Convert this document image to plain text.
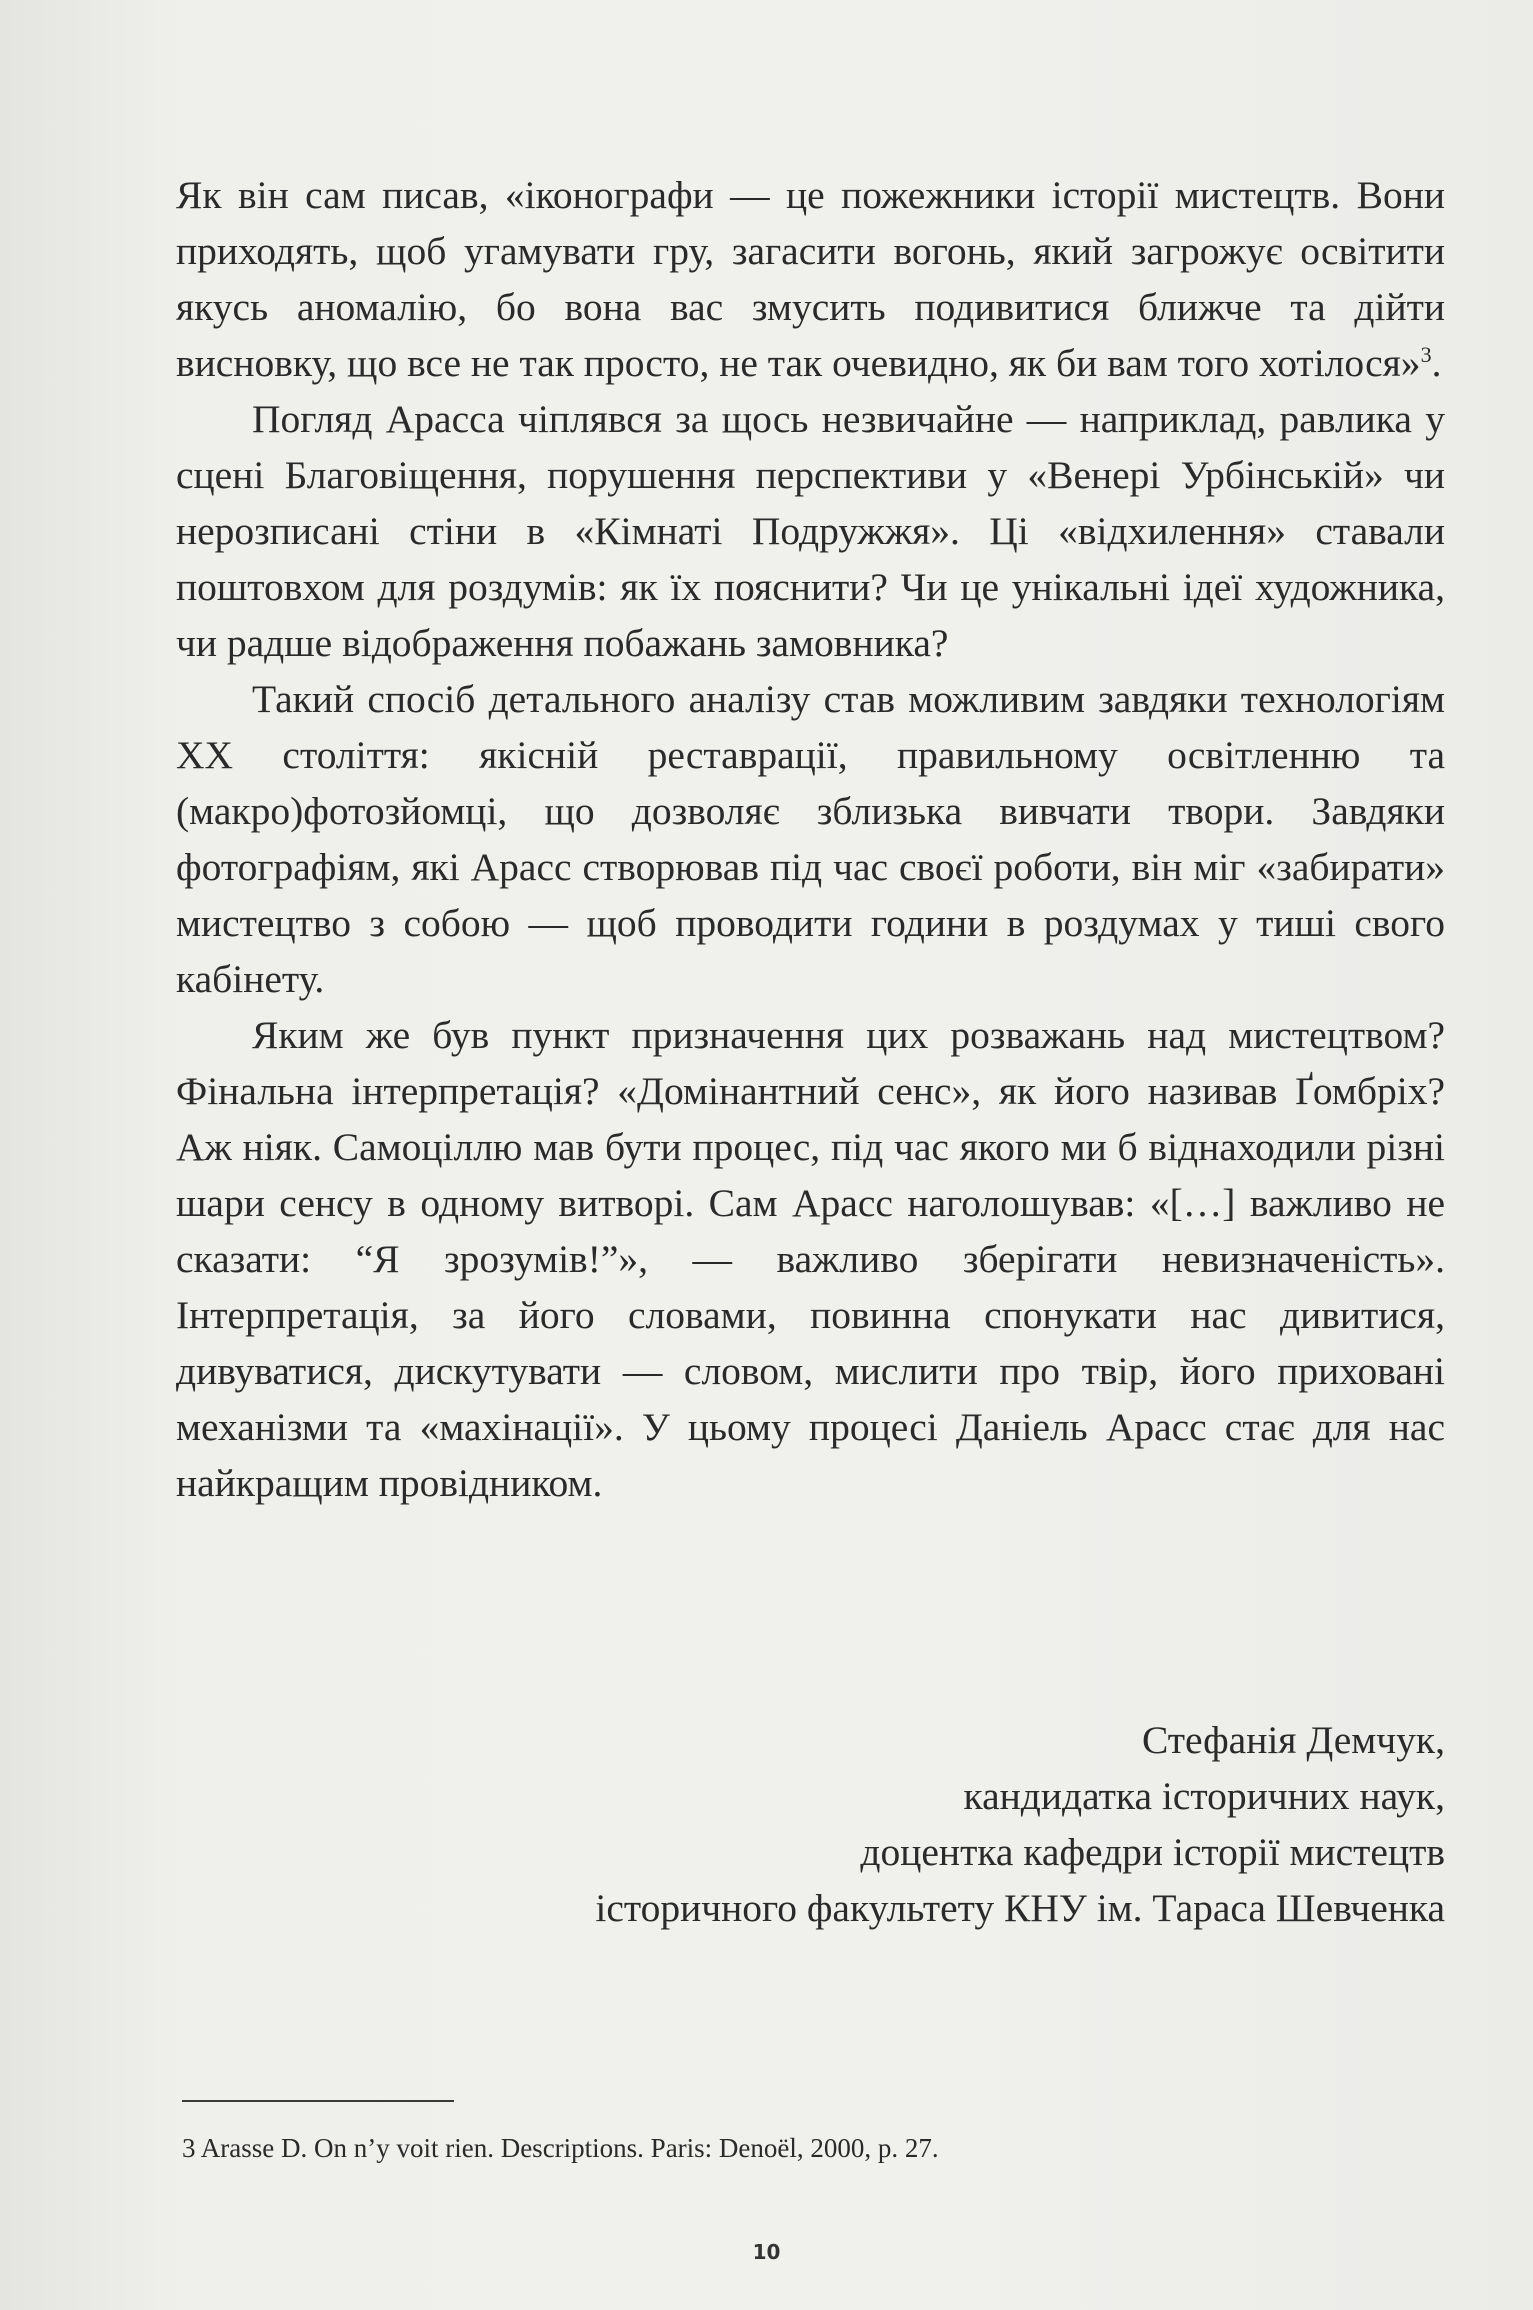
Як він сам писав, «іконографи — це пожежники історії мистецтв. Вони приходять, щоб угамувати гру, загасити вогонь, який загрожує освітити якусь аномалію, бо вона вас змусить подивитися ближче та дійти висновку, що все не так просто, не так очевидно, як би вам того хотілося»$^3$.

Погляд Арасса чіплявся за щось незвичайне — наприклад, равлика у сцені Благовіщення, порушення перспективи у «Венері Урбінській» чи нерозписані стіни в «Кімнаті Подружжя». Ці «відхилення» ставали поштовхом для роздумів: як їх пояснити? Чи це унікальні ідеї художника, чи радше відображення побажань замовника?

Такий спосіб детального аналізу став можливим завдяки технологіям XX століття: якісній реставрації, правильному освітленню та (макро)фотозйомці, що дозволяє зблизька вивчати твори. Завдяки фотографіям, які Арасс створював під час своєї роботи, він міг «забирати» мистецтво з собою — щоб проводити години в роздумах у тиші свого кабінету.

Яким же був пункт призначення цих розважань над мистецтвом? Фінальна інтерпретація? «Домінантний сенс», як його називав Ґомбріх? Аж ніяк. Самоціллю мав бути процес, під час якого ми б віднаходили різні шари сенсу в одному витворі. Сам Арасс наголошував: «[…] важливо не сказати: “Я зрозумів!”», — важливо зберігати невизначеність». Інтерпретація, за його словами, повинна спонукати нас дивитися, дивуватися, дискутувати — словом, мислити про твір, його приховані механізми та «махінації». У цьому процесі Даніель Арасс стає для нас найкращим провідником.

Стефанія Демчук,
кандидатка історичних наук,
доцентка кафедри історії мистецтв
історичного факультету КНУ ім. Тараса Шевченка
3 Arasse D. On n’y voit rien. Descriptions. Paris: Denoël, 2000, p. 27.
10
